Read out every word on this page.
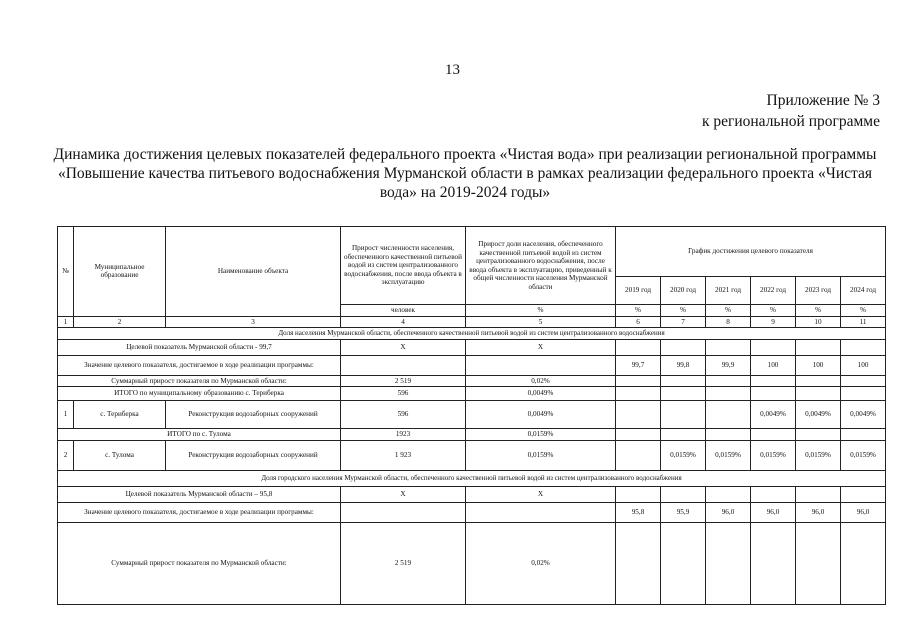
13
Приложение № 3
к региональной программе
Динамика достижения целевых показателей федерального проекта «Чистая вода» при реализации региональной программы
«Повышение качества питьевого водоснабжения Мурманской области в рамках реализации федерального проекта «Чистая
вода» на 2019-2024 годы»
№	Муниципальное образование	Наименование объекта	Прирост численности населения, обеспеченного качественной питьевой водой из систем централизованного водоснабжения, после ввода объекта в эксплуатацию	Прирост доли населения, обеспеченного качественной питьевой водой из систем централизованного водоснабжения, после ввода объекта в эксплуатацию, приведенный к общей численности населения Мурманской области	График достижения целевого показателя					
					2019 год	2020 год	2021 год	2022 год	2023 год	2024 год
			человек	%	%	%	%	%	%	%
1	2	3	4	5	6	7	8	9	10	11
Доля населения Мурманской области, обеспеченного качественной питьевой водой из систем централизованного водоснабжения										
Целевой показатель Мурманской области - 99,7			X	X						
Значение целевого показателя, достигаемое в ходе реализации программы:					99,7	99,8	99,9	100	100	100
Суммарный прирост показателя по Мурманской области:			2 519	0,02%						
ИТОГО по муниципальному образованию с. Териберка			596	0,0049%						
1	с. Териберка	Реконструкция водозаборных сооружений	596	0,0049%				0,0049%	0,0049%	0,0049%
ИТОГО по с. Тулома			1923	0,0159%						
2	с. Тулома	Реконструкция водозаборных сооружений	1 923	0,0159%		0,0159%	0,0159%	0,0159%	0,0159%	0,0159%
Доля городского населения Мурманской области, обеспеченного качественной питьевой водой из систем централизованного водоснабжения										
Целевой показатель Мурманской области – 95,8			X	X						
Значение целевого показателя, достигаемое в ходе реализации программы:					95,8	95,9	96,0	96,0	96,0	96,0
Суммарный прирост показателя по Мурманской области:			2 519	0,02%						
